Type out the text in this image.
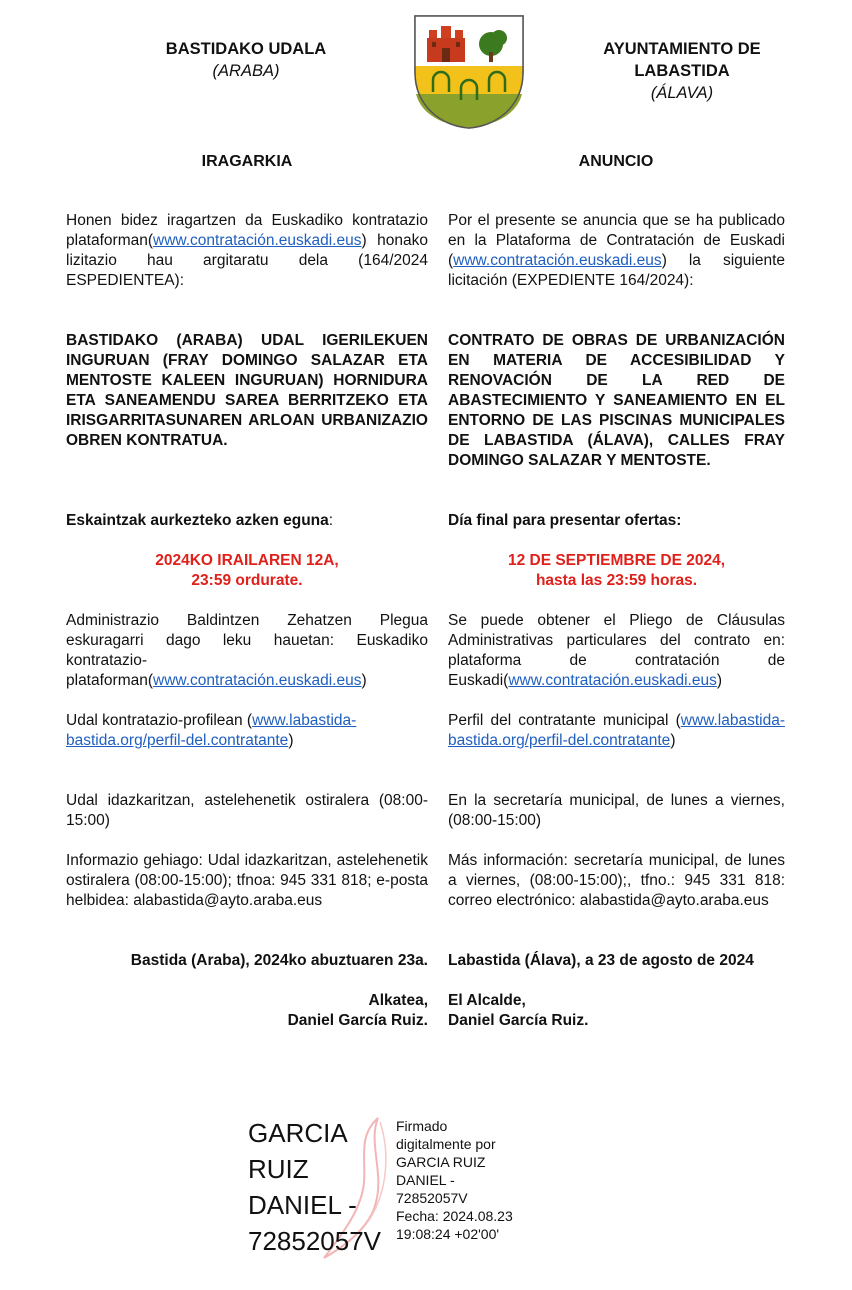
BASTIDAKO UDALA
(ARABA)
AYUNTAMIENTO DE
LABASTIDA
(ÁLAVA)
IRAGARKIA	ANUNCIO
Honen bidez iragartzen da Euskadiko kontratazio plataforman(www.contratación.euskadi.eus) honako lizitazio hau argitaratu dela (164/2024 ESPEDIENTEA):
Por el presente se anuncia que se ha publicado en la Plataforma de Contratación de Euskadi (www.contratación.euskadi.eus) la siguiente licitación (EXPEDIENTE 164/2024):
BASTIDAKO (ARABA) UDAL IGERILEKUEN INGURUAN (FRAY DOMINGO SALAZAR ETA MENTOSTE KALEEN INGURUAN) HORNIDURA ETA SANEAMENDU SAREA BERRITZEKO ETA IRISGARRITASUNAREN ARLOAN URBANIZAZIO OBREN KONTRATUA.
CONTRATO DE OBRAS DE URBANIZACIÓN EN MATERIA DE ACCESIBILIDAD Y RENOVACIÓN DE LA RED DE ABASTECIMIENTO Y SANEAMIENTO EN EL ENTORNO DE LAS PISCINAS MUNICIPALES DE LABASTIDA (ÁLAVA), CALLES FRAY DOMINGO SALAZAR Y MENTOSTE.
Eskaintzak aurkezteko azken eguna:	Día final para presentar ofertas:
2024KO IRAILAREN 12A,
23:59 ordurate.
12 DE SEPTIEMBRE DE 2024,
hasta las 23:59 horas.
Administrazio Baldintzen Zehatzen Plegua eskuragarri dago leku hauetan: Euskadiko kontratazio-plataforman(www.contratación.euskadi.eus)
Se puede obtener el Pliego de Cláusulas Administrativas particulares del contrato en: plataforma de contratación de Euskadi(www.contratación.euskadi.eus)
Udal kontratazio-profilean (www.labastida-bastida.org/perfil-del.contratante)
Perfil del contratante municipal (www.labastida-bastida.org/perfil-del.contratante)
Udal idazkaritzan, astelehenetik ostiralera (08:00-15:00)
En la secretaría municipal, de lunes a viernes, (08:00-15:00)
Informazio gehiago: Udal idazkaritzan, astelehenetik ostiralera (08:00-15:00); tfnoa: 945 331 818; e-posta helbidea: alabastida@ayto.araba.eus
Más información: secretaría municipal, de lunes a viernes, (08:00-15:00);, tfno.: 945 331 818: correo electrónico: alabastida@ayto.araba.eus
Bastida (Araba), 2024ko abuztuaren 23a. Labastida (Álava), a 23 de agosto de 2024
Alkatea,
Daniel García Ruiz.
El Alcalde,
Daniel García Ruiz.
GARCIA
RUIZ
DANIEL -
72852057V
Firmado
digitalmente por
GARCIA RUIZ
DANIEL -
72852057V
Fecha: 2024.08.23
19:08:24 +02'00'
